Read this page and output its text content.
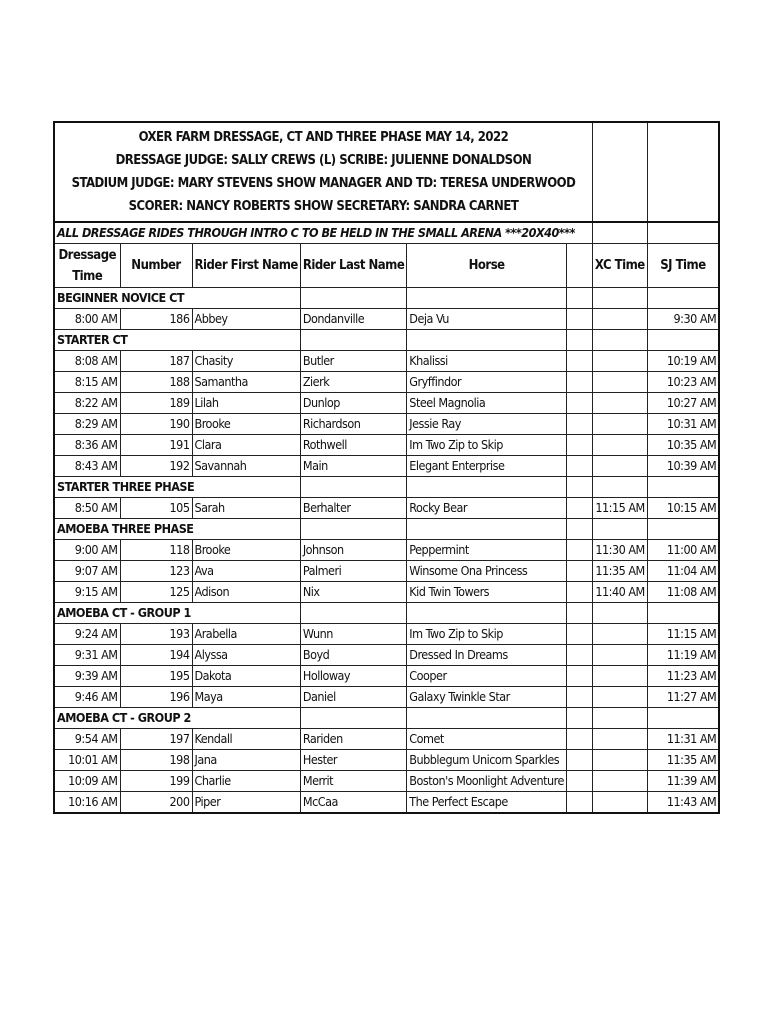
OXER FARM DRESSAGE, CT AND THREE PHASE MAY 14, 2022
DRESSAGE JUDGE: SALLY CREWS (L) SCRIBE: JULIENNE DONALDSON
STADIUM JUDGE: MARY STEVENS SHOW MANAGER AND TD: TERESA UNDERWOOD
SCORER: NANCY ROBERTS SHOW SECRETARY: SANDRA CARNET							

ALL DRESSAGE RIDES THROUGH INTRO C TO BE HELD IN THE SMALL ARENA ***20X40***							

Dressage
Time	Number	Rider First Name	Rider Last Name	Horse		XC Time	SJ Time
BEGINNER NOVICE CT							
8:00 AM	186	Abbey	Dondanville	Deja Vu			9:30 AM
STARTER CT							
8:08 AM	187	Chasity	Butler	Khalissi			10:19 AM
8:15 AM	188	Samantha	Zierk	Gryffindor			10:23 AM
8:22 AM	189	Lilah	Dunlop	Steel Magnolia			10:27 AM
8:29 AM	190	Brooke	Richardson	Jessie Ray			10:31 AM
8:36 AM	191	Clara	Rothwell	Im Two Zip to Skip			10:35 AM
8:43 AM	192	Savannah	Main	Elegant Enterprise			10:39 AM
STARTER THREE PHASE							
8:50 AM	105	Sarah	Berhalter	Rocky Bear		11:15 AM	10:15 AM
AMOEBA THREE PHASE							
9:00 AM	118	Brooke	Johnson	Peppermint		11:30 AM	11:00 AM
9:07 AM	123	Ava	Palmeri	Winsome Ona Princess		11:35 AM	11:04 AM
9:15 AM	125	Adison	Nix	Kid Twin Towers		11:40 AM	11:08 AM
AMOEBA CT - GROUP 1							
9:24 AM	193	Arabella	Wunn	Im Two Zip to Skip			11:15 AM
9:31 AM	194	Alyssa	Boyd	Dressed In Dreams			11:19 AM
9:39 AM	195	Dakota	Holloway	Cooper			11:23 AM
9:46 AM	196	Maya	Daniel	Galaxy Twinkle Star			11:27 AM
AMOEBA CT - GROUP 2							
9:54 AM	197	Kendall	Rariden	Comet			11:31 AM
10:01 AM	198	Jana	Hester	Bubblegum Unicorn Sparkles			11:35 AM
10:09 AM	199	Charlie	Merrit	Boston's Moonlight Adventure			11:39 AM
10:16 AM	200	Piper	McCaa	The Perfect Escape			11:43 AM
